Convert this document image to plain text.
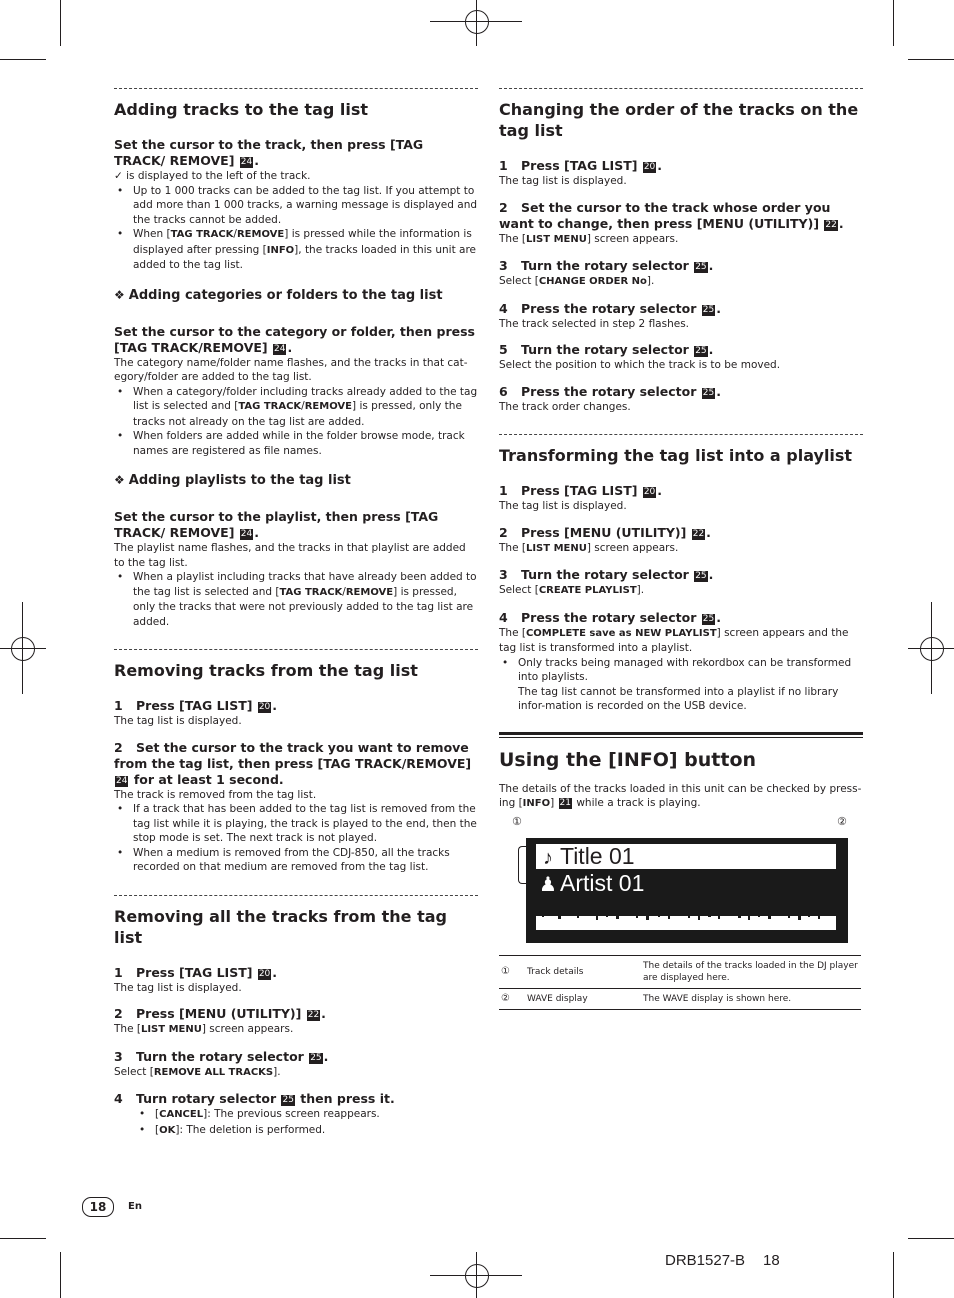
Adding tracks to the tag list

Set the cursor to the track, then press [TAG TRACK/ REMOVE] 24 .

✓ is displayed to the left of the track.

• Up to 1 000 tracks can be added to the tag list. If you attempt to add more than 1 000 tracks, a warning message is displayed and the tracks cannot be added.
• When [TAG TRACK/REMOVE] is pressed while the information is displayed after pressing [INFO], the tracks loaded in this unit are added to the tag list.
❖ Adding categories or folders to the tag list

Set the cursor to the category or folder, then press [TAG TRACK/REMOVE] 24 .

The category name/folder name flashes, and the tracks in that cat-egory/folder are added to the tag list.

• When a category/folder including tracks already added to the tag list is selected and [TAG TRACK/REMOVE] is pressed, only the tracks not already on the tag list are added.
• When folders are added while in the folder browse mode, track names are registered as file names.
❖ Adding playlists to the tag list

Set the cursor to the playlist, then press [TAG TRACK/ REMOVE] 24 .

The playlist name flashes, and the tracks in that playlist are added to the tag list.

• When a playlist including tracks that have already been added to the tag list is selected and [TAG TRACK/REMOVE] is pressed, only the tracks that were not previously added to the tag list are added.
Removing tracks from the tag list

1 Press [TAG LIST] 20 .

The tag list is displayed.

2 Set the cursor to the track you want to remove from the tag list, then press [TAG TRACK/REMOVE] 24 for at least 1 second.

The track is removed from the tag list.

• If a track that has been added to the tag list is removed from the tag list while it is playing, the track is played to the end, then the stop mode is set. The next track is not played.
• When a medium is removed from the CDJ-850, all the tracks recorded on that medium are removed from the tag list.
Removing all the tracks from the tag list

1 Press [TAG LIST] 20 .

The tag list is displayed.

2 Press [MENU (UTILITY)] 22 .

The [LIST MENU] screen appears.

3 Turn the rotary selector 25 .

Select [REMOVE ALL TRACKS].

4 Turn rotary selector 25 then press it.

• [CANCEL]: The previous screen reappears.
• [OK]: The deletion is performed.
Changing the order of the tracks on the tag list

1 Press [TAG LIST] 20 .

The tag list is displayed.

2 Set the cursor to the track whose order you want to change, then press [MENU (UTILITY)] 22 .

The [LIST MENU] screen appears.

3 Turn the rotary selector 25 .

Select [CHANGE ORDER No].

4 Press the rotary selector 25 .

The track selected in step 2 flashes.

5 Turn the rotary selector 25 .

Select the position to which the track is to be moved.

6 Press the rotary selector 25 .

The track order changes.

Transforming the tag list into a playlist

1 Press [TAG LIST] 20 .

The tag list is displayed.

2 Press [MENU (UTILITY)] 22 .

The [LIST MENU] screen appears.

3 Turn the rotary selector 25 .

Select [CREATE PLAYLIST].

4 Press the rotary selector 25 .

The [COMPLETE save as NEW PLAYLIST] screen appears and the tag list is transformed into a playlist.

• Only tracks being managed with rekordbox can be transformed into playlists.
The tag list cannot be transformed into a playlist if no library infor-mation is recorded on the USB device.
Using the [INFO] button

The details of the tracks loaded in this unit can be checked by press-ing [INFO] 21 while a track is playing.

①	②
♪ Title 01
♟ Artist 01
①	Track details	The details of the tracks loaded in the DJ player are displayed here.
②	WAVE display	The WAVE display is shown here.
18	En
DRB1527-B 18
